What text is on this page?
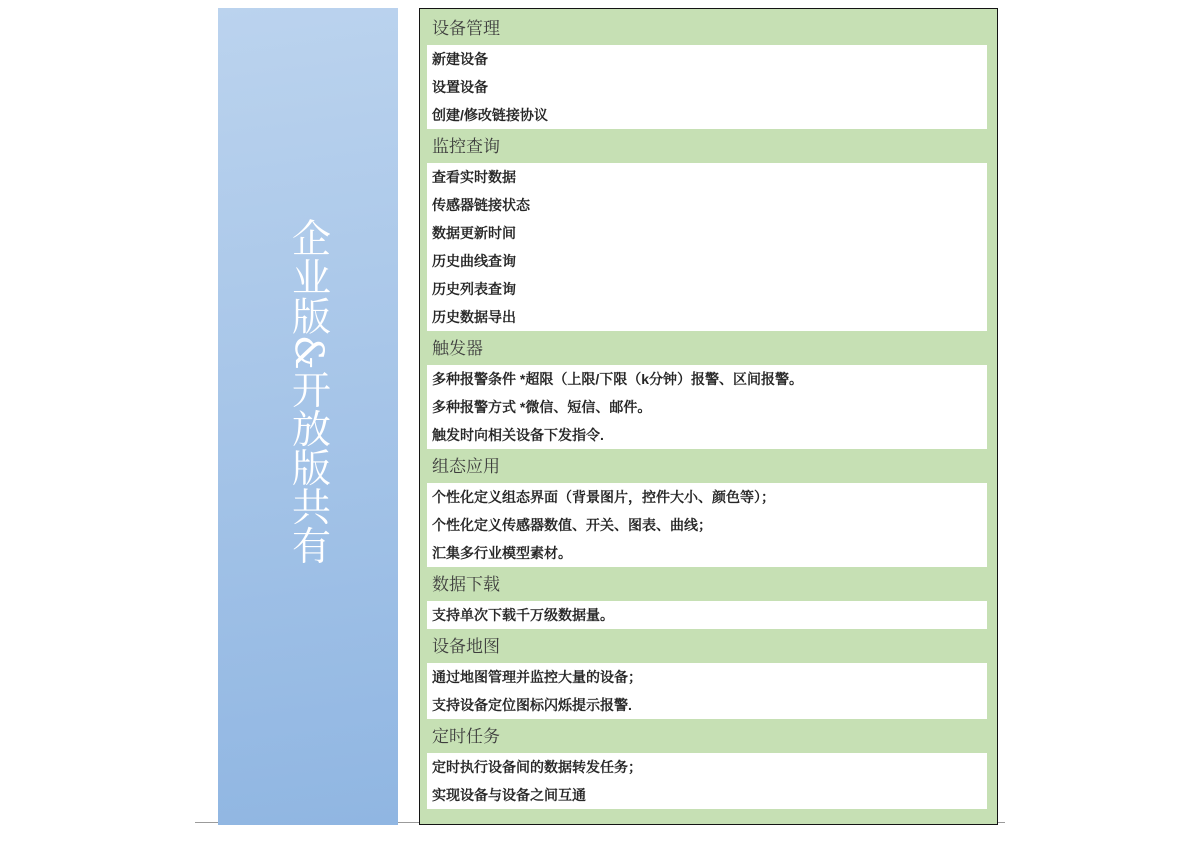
企业版&开放版共有
设备管理
新建设备
设置设备
创建/修改链接协议
监控查询
查看实时数据
传感器链接状态
数据更新时间
历史曲线查询
历史列表查询
历史数据导出
触发器
多种报警条件 *超限（上限/下限（k分钟）报警、区间报警。
多种报警方式 *微信、短信、邮件。
触发时向相关设备下发指令.
组态应用
个性化定义组态界面（背景图片，控件大小、颜色等）；
个性化定义传感器数值、开关、图表、曲线；
汇集多行业模型素材。
数据下载
支持单次下载千万级数据量。
设备地图
通过地图管理并监控大量的设备；
支持设备定位图标闪烁提示报警.
定时任务
定时执行设备间的数据转发任务；
实现设备与设备之间互通
